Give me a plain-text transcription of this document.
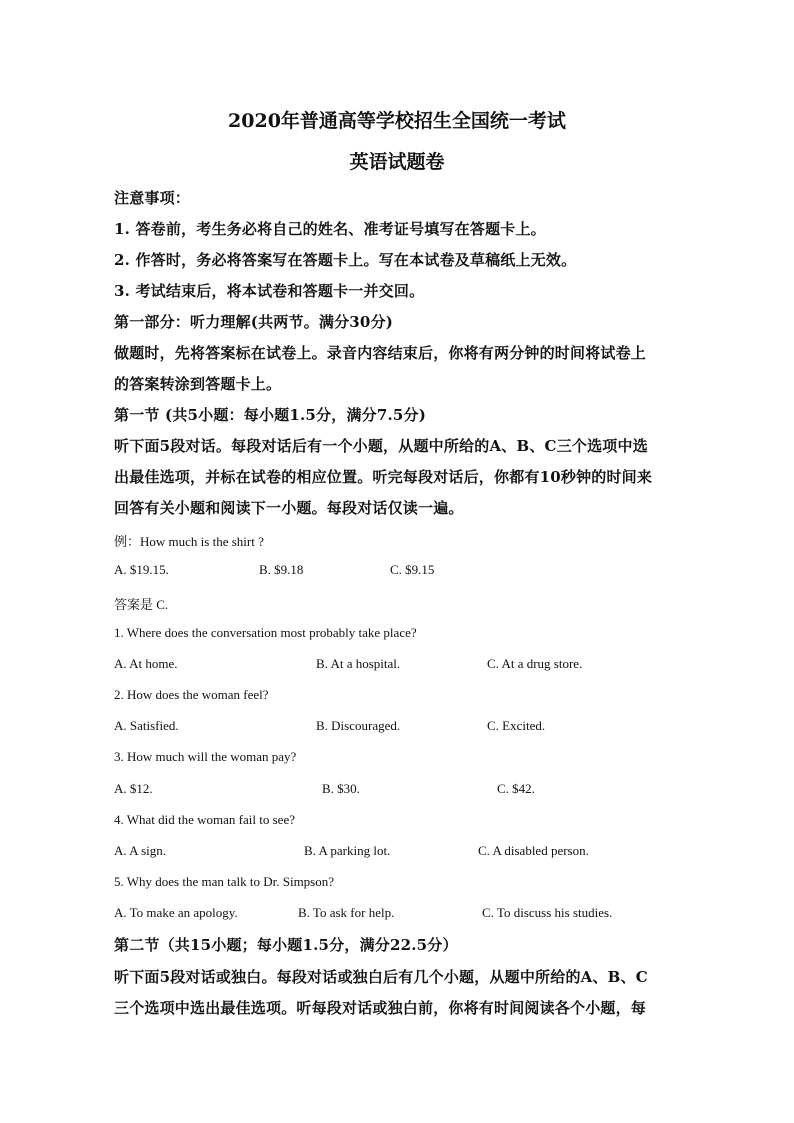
2020年普通高等学校招生全国统一考试
英语试题卷
注意事项：
1. 答卷前，考生务必将自己的姓名、准考证号填写在答题卡上。
2. 作答时，务必将答案写在答题卡上。写在本试卷及草稿纸上无效。
3. 考试结束后，将本试卷和答题卡一并交回。
第一部分：听力理解(共两节。满分30分)
做题时，先将答案标在试卷上。录音内容结束后，你将有两分钟的时间将试卷上
的答案转涂到答题卡上。
第一节 (共5小题：每小题1.5分，满分7.5分)
听下面5段对话。每段对话后有一个小题，从题中所给的A、B、C三个选项中选
出最佳选项，并标在试卷的相应位置。听完每段对话后，你都有10秒钟的时间来
回答有关小题和阅读下一小题。每段对话仅读一遍。
例：How much is the shirt ?
A. $19.15.	B. $9.18	C. $9.15
答案是 C.
1. Where does the conversation most probably take place?
A. At home.	B. At a hospital.	C. At a drug store.
2. How does the woman feel?
A. Satisfied.	B. Discouraged.	C. Excited.
3. How much will the woman pay?
A. $12.	B. $30.	C. $42.
4. What did the woman fail to see?
A. A sign.	B. A parking lot.	C. A disabled person.
5. Why does the man talk to Dr. Simpson?
A. To make an apology.	B. To ask for help.	C. To discuss his studies.
第二节（共15小题；每小题1.5分，满分22.5分）
听下面5段对话或独白。每段对话或独白后有几个小题，从题中所给的A、B、C
三个选项中选出最佳选项。听每段对话或独白前，你将有时间阅读各个小题，每
